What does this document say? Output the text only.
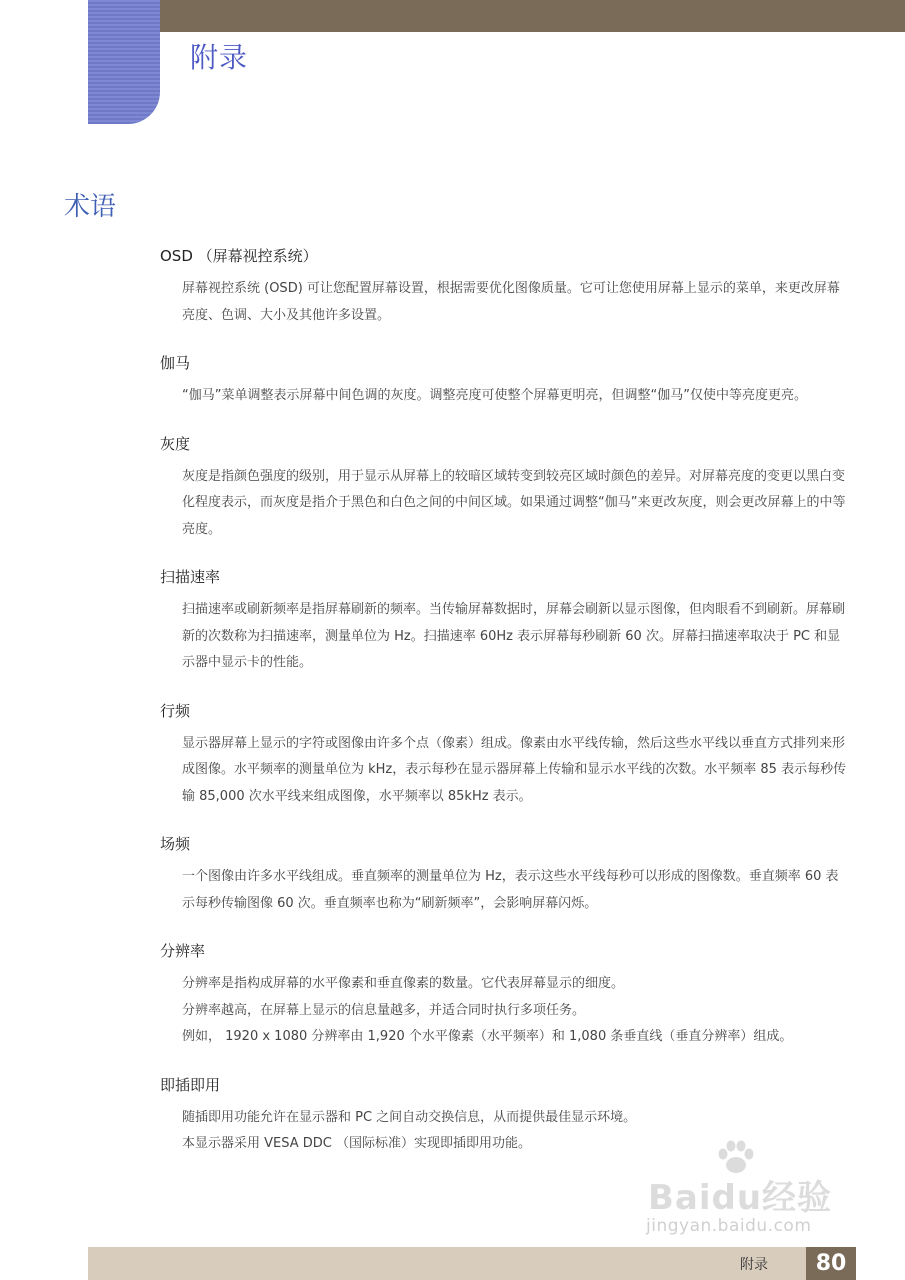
附录
术语
OSD （屏幕视控系统）

屏幕视控系统 (OSD) 可让您配置屏幕设置，根据需要优化图像质量。它可让您使用屏幕上显示的菜单，来更改屏幕亮度、色调、大小及其他许多设置。

伽马

“伽马”菜单调整表示屏幕中间色调的灰度。调整亮度可使整个屏幕更明亮，但调整“伽马”仅使中等亮度更亮。

灰度

灰度是指颜色强度的级别，用于显示从屏幕上的较暗区域转变到较亮区域时颜色的差异。对屏幕亮度的变更以黑白变化程度表示，而灰度是指介于黑色和白色之间的中间区域。如果通过调整“伽马”来更改灰度，则会更改屏幕上的中等亮度。

扫描速率

扫描速率或刷新频率是指屏幕刷新的频率。当传输屏幕数据时，屏幕会刷新以显示图像，但肉眼看不到刷新。屏幕刷新的次数称为扫描速率，测量单位为 Hz。扫描速率 60Hz 表示屏幕每秒刷新 60 次。屏幕扫描速率取决于 PC 和显示器中显示卡的性能。

行频

显示器屏幕上显示的字符或图像由许多个点（像素）组成。像素由水平线传输，然后这些水平线以垂直方式排列来形成图像。水平频率的测量单位为 kHz，表示每秒在显示器屏幕上传输和显示水平线的次数。水平频率 85 表示每秒传输 85,000 次水平线来组成图像，水平频率以 85kHz 表示。

场频

一个图像由许多水平线组成。垂直频率的测量单位为 Hz，表示这些水平线每秒可以形成的图像数。垂直频率 60 表示每秒传输图像 60 次。垂直频率也称为“刷新频率”，会影响屏幕闪烁。

分辨率

分辨率是指构成屏幕的水平像素和垂直像素的数量。它代表屏幕显示的细度。

分辨率越高，在屏幕上显示的信息量越多，并适合同时执行多项任务。

例如， 1920 x 1080 分辨率由 1,920 个水平像素（水平频率）和 1,080 条垂直线（垂直分辨率）组成。

即插即用

随插即用功能允许在显示器和 PC 之间自动交换信息，从而提供最佳显示环境。

本显示器采用 VESA DDC （国际标准）实现即插即用功能。

Baidu经验
jingyan.baidu.com
附录	80
